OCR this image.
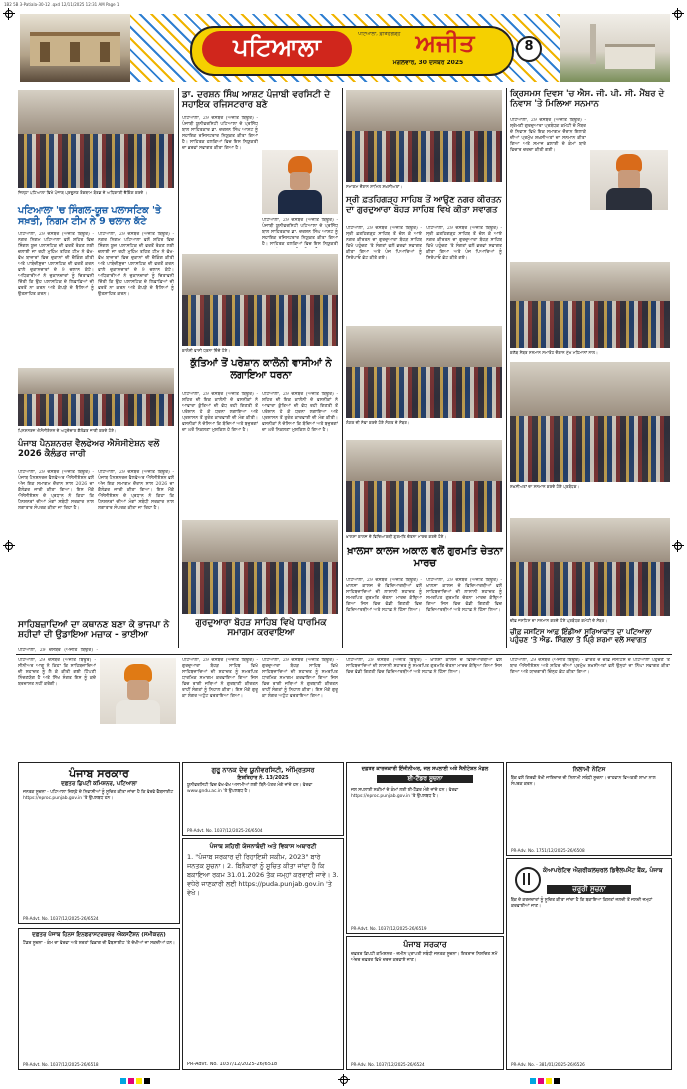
1B2 5B 3-Patiala-30-12 .qxd 12/11/2025 12:31 AM Page 1
ਪਟਿਆਲਾ	ਪਟਿਆਲਾ, ਫ਼ਤਿਹਗੜ੍ਹ ਅਜੀਤ
ਮੰਗਲਵਾਰ, 30 ਦਸੰਬਰ 2025
8
ਜ਼ਿਲ੍ਹਾ ਪਟਿਆਲਾ ਵਿਖੇ ਪੰਜਾਬ ਪ੍ਰਦੂਸ਼ਣ ਰੋਕਥਾਮ ਬੋਰਡ ਦੇ ਅਧਿਕਾਰੀ ਚੈਕਿੰਗ ਕਰਦੇ ।
ਪਟਿਆਲਾ 'ਚ ਸਿੰਗਲ-ਯੂਜ਼ ਪਲਾਸਟਿਕ 'ਤੇ ਸਖ਼ਤੀ, ਨਿਗਮ ਟੀਮ ਨੇ 9 ਚਲਾਨ ਕੱਟੇ
ਪਟਿਆਲਾ, 29 ਦਸੰਬਰ (ਅਜੀਤ ਬਿਊਰੋ) - ਨਗਰ ਨਿਗਮ ਪਟਿਆਲਾ ਵਲੋਂ ਸ਼ਹਿਰ ਵਿਚ ਸਿੰਗਲ ਯੂਜ਼ ਪਲਾਸਟਿਕ ਦੀ ਵਰਤੋਂ ਰੋਕਣ ਲਈ ਚਲਾਈ ਜਾ ਰਹੀ ਮੁਹਿੰਮ ਤਹਿਤ ਟੀਮ ਨੇ ਵੱਖ-ਵੱਖ ਬਾਜ਼ਾਰਾਂ ਵਿਚ ਦੁਕਾਨਾਂ ਦੀ ਚੈਕਿੰਗ ਕੀਤੀ ਅਤੇ ਪਾਬੰਦੀਸ਼ੁਦਾ ਪਲਾਸਟਿਕ ਦੀ ਵਰਤੋਂ ਕਰਨ ਵਾਲੇ ਦੁਕਾਨਦਾਰਾਂ ਦੇ 9 ਚਲਾਨ ਕੱਟੇ। ਅਧਿਕਾਰੀਆਂ ਨੇ ਦੁਕਾਨਦਾਰਾਂ ਨੂੰ ਚਿਤਾਵਨੀ ਦਿੱਤੀ ਕਿ ਉਹ ਪਲਾਸਟਿਕ ਦੇ ਲਿਫ਼ਾਫ਼ਿਆਂ ਦੀ ਵਰਤੋਂ ਨਾ ਕਰਨ ਅਤੇ ਕੱਪੜੇ ਦੇ ਥੈਲਿਆਂ ਨੂੰ ਉਤਸ਼ਾਹਿਤ ਕਰਨ।
ਪਟਿਆਲਾ, 29 ਦਸੰਬਰ (ਅਜੀਤ ਬਿਊਰੋ) - ਨਗਰ ਨਿਗਮ ਪਟਿਆਲਾ ਵਲੋਂ ਸ਼ਹਿਰ ਵਿਚ ਸਿੰਗਲ ਯੂਜ਼ ਪਲਾਸਟਿਕ ਦੀ ਵਰਤੋਂ ਰੋਕਣ ਲਈ ਚਲਾਈ ਜਾ ਰਹੀ ਮੁਹਿੰਮ ਤਹਿਤ ਟੀਮ ਨੇ ਵੱਖ-ਵੱਖ ਬਾਜ਼ਾਰਾਂ ਵਿਚ ਦੁਕਾਨਾਂ ਦੀ ਚੈਕਿੰਗ ਕੀਤੀ ਅਤੇ ਪਾਬੰਦੀਸ਼ੁਦਾ ਪਲਾਸਟਿਕ ਦੀ ਵਰਤੋਂ ਕਰਨ ਵਾਲੇ ਦੁਕਾਨਦਾਰਾਂ ਦੇ 9 ਚਲਾਨ ਕੱਟੇ। ਅਧਿਕਾਰੀਆਂ ਨੇ ਦੁਕਾਨਦਾਰਾਂ ਨੂੰ ਚਿਤਾਵਨੀ ਦਿੱਤੀ ਕਿ ਉਹ ਪਲਾਸਟਿਕ ਦੇ ਲਿਫ਼ਾਫ਼ਿਆਂ ਦੀ ਵਰਤੋਂ ਨਾ ਕਰਨ ਅਤੇ ਕੱਪੜੇ ਦੇ ਥੈਲਿਆਂ ਨੂੰ ਉਤਸ਼ਾਹਿਤ ਕਰਨ।
ਪਿਨਸ਼ਨਰਜ਼ ਐਸੋਸੀਏਸ਼ਨ ਦੇ ਅਹੁਦੇਦਾਰ ਕੈਲੰਡਰ ਜਾਰੀ ਕਰਦੇ ਹੋਏ।
ਪੰਜਾਬ ਪੈਨਸ਼ਨਰਜ਼ ਵੈਲਫੇਅਰ ਐਸੋਸੀਏਸ਼ਨ ਵਲੋਂ 2026 ਕੈਲੰਡਰ ਜਾਰੀ
ਪਟਿਆਲਾ, 29 ਦਸੰਬਰ (ਅਜੀਤ ਬਿਊਰੋ) - ਪੰਜਾਬ ਪੈਨਸ਼ਨਰਜ਼ ਵੈਲਫੇਅਰ ਐਸੋਸੀਏਸ਼ਨ ਵਲੋਂ ਅੱਜ ਇਕ ਸਮਾਗਮ ਦੌਰਾਨ ਸਾਲ 2026 ਦਾ ਕੈਲੰਡਰ ਜਾਰੀ ਕੀਤਾ ਗਿਆ। ਇਸ ਮੌਕੇ ਐਸੋਸੀਏਸ਼ਨ ਦੇ ਪ੍ਰਧਾਨ ਨੇ ਕਿਹਾ ਕਿ ਪੈਨਸ਼ਨਰਾਂ ਦੀਆਂ ਮੰਗਾਂ ਸਬੰਧੀ ਸਰਕਾਰ ਨਾਲ ਲਗਾਤਾਰ ਸੰਪਰਕ ਕੀਤਾ ਜਾ ਰਿਹਾ ਹੈ।
ਪਟਿਆਲਾ, 29 ਦਸੰਬਰ (ਅਜੀਤ ਬਿਊਰੋ) - ਪੰਜਾਬ ਪੈਨਸ਼ਨਰਜ਼ ਵੈਲਫੇਅਰ ਐਸੋਸੀਏਸ਼ਨ ਵਲੋਂ ਅੱਜ ਇਕ ਸਮਾਗਮ ਦੌਰਾਨ ਸਾਲ 2026 ਦਾ ਕੈਲੰਡਰ ਜਾਰੀ ਕੀਤਾ ਗਿਆ। ਇਸ ਮੌਕੇ ਐਸੋਸੀਏਸ਼ਨ ਦੇ ਪ੍ਰਧਾਨ ਨੇ ਕਿਹਾ ਕਿ ਪੈਨਸ਼ਨਰਾਂ ਦੀਆਂ ਮੰਗਾਂ ਸਬੰਧੀ ਸਰਕਾਰ ਨਾਲ ਲਗਾਤਾਰ ਸੰਪਰਕ ਕੀਤਾ ਜਾ ਰਿਹਾ ਹੈ।
ਸਾਹਿਬਜ਼ਾਦਿਆਂ ਦਾ ਕਥਾਨਣ ਬਣਾ ਕੇ ਭਾਜਪਾ ਨੇ ਸ਼ਹੀਦਾਂ ਦੀ ਉਡਾਇਆ ਮਜ਼ਾਕ - ਭਾਈਆ
ਪਟਿਆਲਾ, 29 ਦਸੰਬਰ (ਅਜੀਤ ਬਿਊਰੋ) -
ਡਾ. ਦਰਸ਼ਨ ਸਿੰਘ ਆਸ਼ਟ ਪੰਜਾਬੀ ਵਰਸਿਟੀ ਦੇ ਸਹਾਇਕ ਰਜਿਸਟਰਾਰ ਬਣੇ
ਪਟਿਆਲਾ, 29 ਦਸੰਬਰ (ਅਜੀਤ ਬਿਊਰੋ) - ਪੰਜਾਬੀ ਯੂਨੀਵਰਸਿਟੀ ਪਟਿਆਲਾ ਦੇ ਪ੍ਰਸਿੱਧ ਬਾਲ ਸਾਹਿਤਕਾਰ ਡਾ. ਦਰਸ਼ਨ ਸਿੰਘ ਆਸ਼ਟ ਨੂੰ ਸਹਾਇਕ ਰਜਿਸਟਰਾਰ ਨਿਯੁਕਤ ਕੀਤਾ ਗਿਆ ਹੈ। ਸਾਹਿਤਕ ਹਲਕਿਆਂ ਵਿਚ ਇਸ ਨਿਯੁਕਤੀ ਦਾ ਭਰਵਾਂ ਸਵਾਗਤ ਕੀਤਾ ਗਿਆ ਹੈ।
ਪਟਿਆਲਾ, 29 ਦਸੰਬਰ (ਅਜੀਤ ਬਿਊਰੋ) - ਪੰਜਾਬੀ ਯੂਨੀਵਰਸਿਟੀ ਪਟਿਆਲਾ ਦੇ ਪ੍ਰਸਿੱਧ ਬਾਲ ਸਾਹਿਤਕਾਰ ਡਾ. ਦਰਸ਼ਨ ਸਿੰਘ ਆਸ਼ਟ ਨੂੰ ਸਹਾਇਕ ਰਜਿਸਟਰਾਰ ਨਿਯੁਕਤ ਕੀਤਾ ਗਿਆ ਹੈ। ਸਾਹਿਤਕ ਹਲਕਿਆਂ ਵਿਚ ਇਸ ਨਿਯੁਕਤੀ
ਕਾਲੋਨੀ ਵਾਸੀ ਧਰਨਾ ਦਿੰਦੇ ਹੋਏ।
ਕੁੱਤਿਆਂ ਤੋਂ ਪਰੇਸ਼ਾਨ ਕਾਲੋਨੀ ਵਾਸੀਆਂ ਨੇ ਲਗਾਇਆ ਧਰਨਾ
ਪਟਿਆਲਾ, 29 ਦਸੰਬਰ (ਅਜੀਤ ਬਿਊਰੋ) - ਸ਼ਹਿਰ ਦੀ ਇਕ ਕਾਲੋਨੀ ਦੇ ਵਸਨੀਕਾਂ ਨੇ ਆਵਾਰਾ ਕੁੱਤਿਆਂ ਦੀ ਵੱਧ ਰਹੀ ਗਿਣਤੀ ਤੋਂ ਪਰੇਸ਼ਾਨ ਹੋ ਕੇ ਧਰਨਾ ਲਗਾਇਆ ਅਤੇ ਪ੍ਰਸ਼ਾਸਨ ਤੋਂ ਤੁਰੰਤ ਕਾਰਵਾਈ ਦੀ ਮੰਗ ਕੀਤੀ। ਵਸਨੀਕਾਂ ਨੇ ਦੱਸਿਆ ਕਿ ਬੱਚਿਆਂ ਅਤੇ ਬਜ਼ੁਰਗਾਂ ਦਾ ਘਰੋਂ ਨਿਕਲਣਾ ਮੁਸ਼ਕਿਲ ਹੋ ਗਿਆ ਹੈ।
ਪਟਿਆਲਾ, 29 ਦਸੰਬਰ (ਅਜੀਤ ਬਿਊਰੋ) - ਸ਼ਹਿਰ ਦੀ ਇਕ ਕਾਲੋਨੀ ਦੇ ਵਸਨੀਕਾਂ ਨੇ ਆਵਾਰਾ ਕੁੱਤਿਆਂ ਦੀ ਵੱਧ ਰਹੀ ਗਿਣਤੀ ਤੋਂ ਪਰੇਸ਼ਾਨ ਹੋ ਕੇ ਧਰਨਾ ਲਗਾਇਆ ਅਤੇ ਪ੍ਰਸ਼ਾਸਨ ਤੋਂ ਤੁਰੰਤ ਕਾਰਵਾਈ ਦੀ ਮੰਗ ਕੀਤੀ। ਵਸਨੀਕਾਂ ਨੇ ਦੱਸਿਆ ਕਿ ਬੱਚਿਆਂ ਅਤੇ ਬਜ਼ੁਰਗਾਂ ਦਾ ਘਰੋਂ ਨਿਕਲਣਾ ਮੁਸ਼ਕਿਲ ਹੋ ਗਿਆ ਹੈ।
ਗੁਰਦੁਆਰਾ ਬੋਹੜ ਸਾਹਿਬ ਵਿਖੇ ਧਾਰਮਿਕ ਸਮਾਗਮ ਕਰਵਾਇਆ
ਸਮਾਗਮ ਦੌਰਾਨ ਸ਼ਾਮਿਲ ਸ਼ਖ਼ਸੀਅਤਾਂ।
ਸ੍ਰੀ ਫ਼ਤਹਿਗੜ੍ਹ ਸਾਹਿਬ ਤੋਂ ਆਉਣ ਨਗਰ ਕੀਰਤਨ ਦਾ ਗੁਰਦੁਆਰਾ ਬੋਹੜ ਸਾਹਿਬ ਵਿਖੇ ਕੀਤਾ ਸਵਾਗਤ
ਪਟਿਆਲਾ, 29 ਦਸੰਬਰ (ਅਜੀਤ ਬਿਊਰੋ) - ਸ੍ਰੀ ਫ਼ਤਹਿਗੜ੍ਹ ਸਾਹਿਬ ਤੋਂ ਚੱਲ ਕੇ ਆਏ ਨਗਰ ਕੀਰਤਨ ਦਾ ਗੁਰਦੁਆਰਾ ਬੋਹੜ ਸਾਹਿਬ ਵਿਖੇ ਪਹੁੰਚਣ 'ਤੇ ਸੰਗਤਾਂ ਵਲੋਂ ਭਰਵਾਂ ਸਵਾਗਤ ਕੀਤਾ ਗਿਆ ਅਤੇ ਪੰਜ ਪਿਆਰਿਆਂ ਨੂੰ ਸਿਰੋਪਾਓ ਭੇਟ ਕੀਤੇ ਗਏ।
ਪਟਿਆਲਾ, 29 ਦਸੰਬਰ (ਅਜੀਤ ਬਿਊਰੋ) - ਸ੍ਰੀ ਫ਼ਤਹਿਗੜ੍ਹ ਸਾਹਿਬ ਤੋਂ ਚੱਲ ਕੇ ਆਏ ਨਗਰ ਕੀਰਤਨ ਦਾ ਗੁਰਦੁਆਰਾ ਬੋਹੜ ਸਾਹਿਬ ਵਿਖੇ ਪਹੁੰਚਣ 'ਤੇ ਸੰਗਤਾਂ ਵਲੋਂ ਭਰਵਾਂ ਸਵਾਗਤ ਕੀਤਾ ਗਿਆ ਅਤੇ ਪੰਜ ਪਿਆਰਿਆਂ ਨੂੰ ਸਿਰੋਪਾਓ ਭੇਟ ਕੀਤੇ ਗਏ।
ਲੰਗਰ ਦੀ ਸੇਵਾ ਕਰਦੇ ਹੋਏ ਸੰਗਤ ਦੇ ਮੈਂਬਰ।
ਖ਼ਾਲਸਾ ਕਾਲਜ ਦੇ ਵਿਦਿਆਰਥੀ ਗੁਰਮਤਿ ਚੇਤਨਾ ਮਾਰਚ ਕਰਦੇ ਹੋਏ।
ਖ਼ਾਲਸਾ ਕਾਲਜ ਅਕਾਲ ਵਲੋਂ ਗੁਰਮਤਿ ਚੇਤਨਾ ਮਾਰਚ
ਪਟਿਆਲਾ, 29 ਦਸੰਬਰ (ਅਜੀਤ ਬਿਊਰੋ) - ਖ਼ਾਲਸਾ ਕਾਲਜ ਦੇ ਵਿਦਿਆਰਥੀਆਂ ਵਲੋਂ ਸਾਹਿਬਜ਼ਾਦਿਆਂ ਦੀ ਲਾਸਾਨੀ ਸ਼ਹਾਦਤ ਨੂੰ ਸਮਰਪਿਤ ਗੁਰਮਤਿ ਚੇਤਨਾ ਮਾਰਚ ਕੱਢਿਆ ਗਿਆ ਜਿਸ ਵਿਚ ਵੱਡੀ ਗਿਣਤੀ ਵਿਚ ਵਿਦਿਆਰਥੀਆਂ ਅਤੇ ਸਟਾਫ਼ ਨੇ ਹਿੱਸਾ ਲਿਆ।
ਪਟਿਆਲਾ, 29 ਦਸੰਬਰ (ਅਜੀਤ ਬਿਊਰੋ) - ਖ਼ਾਲਸਾ ਕਾਲਜ ਦੇ ਵਿਦਿਆਰਥੀਆਂ ਵਲੋਂ ਸਾਹਿਬਜ਼ਾਦਿਆਂ ਦੀ ਲਾਸਾਨੀ ਸ਼ਹਾਦਤ ਨੂੰ ਸਮਰਪਿਤ ਗੁਰਮਤਿ ਚੇਤਨਾ ਮਾਰਚ ਕੱਢਿਆ ਗਿਆ ਜਿਸ ਵਿਚ ਵੱਡੀ ਗਿਣਤੀ ਵਿਚ ਵਿਦਿਆਰਥੀਆਂ ਅਤੇ ਸਟਾਫ਼ ਨੇ ਹਿੱਸਾ ਲਿਆ।
ਕ੍ਰਿਸਮਸ ਦਿਵਸ 'ਚ ਐਸ. ਜੀ. ਪੀ. ਸੀ. ਮੈਂਬਰ ਦੇ ਨਿਵਾਸ 'ਤੇ ਮਿਲਿਆ ਸਨਮਾਨ
ਪਟਿਆਲਾ, 29 ਦਸੰਬਰ (ਅਜੀਤ ਬਿਊਰੋ) - ਸ਼੍ਰੋਮਣੀ ਗੁਰਦੁਆਰਾ ਪ੍ਰਬੰਧਕ ਕਮੇਟੀ ਦੇ ਮੈਂਬਰ ਦੇ ਨਿਵਾਸ ਵਿਖੇ ਇਕ ਸਮਾਗਮ ਦੌਰਾਨ ਇਲਾਕੇ ਦੀਆਂ ਪ੍ਰਮੁੱਖ ਸ਼ਖ਼ਸੀਅਤਾਂ ਦਾ ਸਨਮਾਨ ਕੀਤਾ ਗਿਆ ਅਤੇ ਸਮਾਜ ਭਲਾਈ ਦੇ ਕੰਮਾਂ ਬਾਰੇ ਵਿਚਾਰ ਚਰਚਾ ਕੀਤੀ ਗਈ।
ਕਲੱਬ ਮੈਂਬਰ ਸਨਮਾਨ ਸਮਾਰੋਹ ਦੌਰਾਨ ਮੁੱਖ ਮਹਿਮਾਨਾਂ ਨਾਲ।
ਸ਼ਖ਼ਸੀਅਤਾਂ ਦਾ ਸਨਮਾਨ ਕਰਦੇ ਹੋਏ ਪ੍ਰਬੰਧਕ।
ਚੀਫ਼ ਜਸਟਿਸ ਦਾ ਸਨਮਾਨ ਕਰਦੇ ਹੋਏ ਪ੍ਰਬੰਧਕ ਕਮੇਟੀ ਦੇ ਮੈਂਬਰ।
ਚੀਫ਼ ਜਸਟਿਸ ਆਫ਼ ਇੰਡੀਆ ਸੂਰਿਆਕਾਂਤ ਦਾ ਪਟਿਆਲਾ ਪਹੁੰਚਣ 'ਤੇ ਐਡ. ਸਿੰਗਲਾ ਤੇ ਪ੍ਰਿੰ ਸ਼ਰਮਾ ਵਲੋਂ ਸਵਾਗਤ
ਪਟਿਆਲਾ, 29 ਦਸੰਬਰ (ਅਜੀਤ ਬਿਊਰੋ) - ਸੀਨੀਅਰ ਆਗੂ ਨੇ ਕਿਹਾ ਕਿ ਸਾਹਿਬਜ਼ਾਦਿਆਂ ਦੀ ਸ਼ਹਾਦਤ ਨੂੰ ਲੈ ਕੇ ਕੀਤੀ ਗਈ ਟਿੱਪਣੀ ਨਿੰਦਣਯੋਗ ਹੈ ਅਤੇ ਸਿੱਖ ਸੰਗਤ ਇਸ ਨੂੰ ਕਦੇ ਬਰਦਾਸ਼ਤ ਨਹੀਂ ਕਰੇਗੀ।
ਪਟਿਆਲਾ, 29 ਦਸੰਬਰ (ਅਜੀਤ ਬਿਊਰੋ) - ਗੁਰਦੁਆਰਾ ਬੋਹੜ ਸਾਹਿਬ ਵਿਖੇ ਸਾਹਿਬਜ਼ਾਦਿਆਂ ਦੀ ਸ਼ਹਾਦਤ ਨੂੰ ਸਮਰਪਿਤ ਧਾਰਮਿਕ ਸਮਾਗਮ ਕਰਵਾਇਆ ਗਿਆ ਜਿਸ ਵਿਚ ਰਾਗੀ ਜਥਿਆਂ ਨੇ ਗੁਰਬਾਣੀ ਕੀਰਤਨ ਰਾਹੀਂ ਸੰਗਤਾਂ ਨੂੰ ਨਿਹਾਲ ਕੀਤਾ। ਇਸ ਮੌਕੇ ਗੁਰੂ ਕਾ ਲੰਗਰ ਅਟੁੱਟ ਵਰਤਾਇਆ ਗਿਆ।
ਪਟਿਆਲਾ, 29 ਦਸੰਬਰ (ਅਜੀਤ ਬਿਊਰੋ) - ਗੁਰਦੁਆਰਾ ਬੋਹੜ ਸਾਹਿਬ ਵਿਖੇ ਸਾਹਿਬਜ਼ਾਦਿਆਂ ਦੀ ਸ਼ਹਾਦਤ ਨੂੰ ਸਮਰਪਿਤ ਧਾਰਮਿਕ ਸਮਾਗਮ ਕਰਵਾਇਆ ਗਿਆ ਜਿਸ ਵਿਚ ਰਾਗੀ ਜਥਿਆਂ ਨੇ ਗੁਰਬਾਣੀ ਕੀਰਤਨ ਰਾਹੀਂ ਸੰਗਤਾਂ ਨੂੰ ਨਿਹਾਲ ਕੀਤਾ। ਇਸ ਮੌਕੇ ਗੁਰੂ ਕਾ ਲੰਗਰ ਅਟੁੱਟ ਵਰਤਾਇਆ ਗਿਆ।
ਪਟਿਆਲਾ, 29 ਦਸੰਬਰ (ਅਜੀਤ ਬਿਊਰੋ) - ਖ਼ਾਲਸਾ ਕਾਲਜ ਦੇ ਵਿਦਿਆਰਥੀਆਂ ਵਲੋਂ ਸਾਹਿਬਜ਼ਾਦਿਆਂ ਦੀ ਲਾਸਾਨੀ ਸ਼ਹਾਦਤ ਨੂੰ ਸਮਰਪਿਤ ਗੁਰਮਤਿ ਚੇਤਨਾ ਮਾਰਚ ਕੱਢਿਆ ਗਿਆ ਜਿਸ ਵਿਚ ਵੱਡੀ ਗਿਣਤੀ ਵਿਚ ਵਿਦਿਆਰਥੀਆਂ ਅਤੇ ਸਟਾਫ਼ ਨੇ ਹਿੱਸਾ ਲਿਆ।
ਪਟਿਆਲਾ, 29 ਦਸੰਬਰ (ਅਜੀਤ ਬਿਊਰੋ) - ਭਾਰਤ ਦੇ ਚੀਫ਼ ਜਸਟਿਸ ਦੇ ਪਟਿਆਲਾ ਪਹੁੰਚਣ 'ਤੇ ਬਾਰ ਐਸੋਸੀਏਸ਼ਨ ਅਤੇ ਸ਼ਹਿਰ ਦੀਆਂ ਪ੍ਰਮੁੱਖ ਸ਼ਖ਼ਸੀਅਤਾਂ ਵਲੋਂ ਉਨ੍ਹਾਂ ਦਾ ਨਿੱਘਾ ਸਵਾਗਤ ਕੀਤਾ ਗਿਆ ਅਤੇ ਯਾਦਗਾਰੀ ਚਿੰਨ੍ਹ ਭੇਟ ਕੀਤਾ ਗਿਆ।
ਪੰਜਾਬ ਸਰਕਾਰ
ਦਫ਼ਤਰ ਡਿਪਟੀ ਕਮਿਸ਼ਨਰ, ਪਟਿਆਲਾ
ਜਨਤਕ ਸੂਚਨਾ - ਪਟਿਆਲਾ ਜ਼ਿਲ੍ਹੇ ਦੇ ਨਿਵਾਸੀਆਂ ਨੂੰ ਸੂਚਿਤ ਕੀਤਾ ਜਾਂਦਾ ਹੈ ਕਿ ਵੇਰਵੇ ਵੈੱਬਸਾਈਟ https://eproc.punjab.gov.in 'ਤੇ ਉਪਲਬਧ ਹਨ।
PR-Advt. No. 1037/12/2025-26/6524
ਦਫ਼ਤਰ ਪੰਜਾਬ ਹਿਨਜ ਇਨਫਰਾਸਟਰਕਚਰ ਐਕਸਟੈਂਸ਼ਨ (ਸਮੀਕਰਨ)
ਟੈਂਡਰ ਸੂਚਨਾ - ਕੰਮ ਦਾ ਵੇਰਵਾ ਅਤੇ ਸ਼ਰਤਾਂ ਵਿਭਾਗ ਦੀ ਵੈੱਬਸਾਈਟ 'ਤੇ ਦੇਖੀਆਂ ਜਾ ਸਕਦੀਆਂ ਹਨ।
PR-Advt. No. 1037/12/2025-26/6518
ਗੁਰੂ ਨਾਨਕ ਦੇਵ ਯੂਨੀਵਰਸਿਟੀ, ਅੰਮ੍ਰਿਤਸਰ
ਇਸ਼ਤਿਹਾਰ ਨੰ. 13/2025
ਯੂਨੀਵਰਸਿਟੀ ਵਿਚ ਵੱਖ-ਵੱਖ ਅਸਾਮੀਆਂ ਲਈ ਬਿਨੈ-ਪੱਤਰ ਮੰਗੇ ਜਾਂਦੇ ਹਨ। ਵੇਰਵਾ www.gndu.ac.in 'ਤੇ ਉਪਲਬਧ ਹੈ।
PR-Advt. No. 1037/12/2025-26/6504
ਪੰਜਾਬ ਸ਼ਹਿਰੀ ਯੋਜਨਾਬੰਦੀ ਅਤੇ ਵਿਕਾਸ ਅਥਾਰਟੀ
1. "ਪੰਜਾਬ ਸਰਕਾਰ ਦੀ ਰਿਹਾਇਸ਼ੀ ਸਕੀਮ, 2023" ਬਾਰੇ ਜਨਤਕ ਸੂਚਨਾ। 2. ਬਿਨੈਕਾਰਾਂ ਨੂੰ ਸੂਚਿਤ ਕੀਤਾ ਜਾਂਦਾ ਹੈ ਕਿ ਬਕਾਇਆ ਰਕਮ 31.01.2026 ਤੱਕ ਜਮ੍ਹਾਂ ਕਰਵਾਈ ਜਾਵੇ। 3. ਵਧੇਰੇ ਜਾਣਕਾਰੀ ਲਈ https://puda.punjab.gov.in 'ਤੇ ਵੇਖੋ।
PR-Advt. No. 1037/12/2025-26/6518
ਦਫ਼ਤਰ ਕਾਰਜਕਾਰੀ ਇੰਜੀਨੀਅਰ, ਜਲ ਸਪਲਾਈ ਅਤੇ ਸੈਨੀਟੇਸ਼ਨ ਮੰਡਲ
ਈ-ਟੈਂਡਰ ਸੂਚਨਾ
ਜਲ ਸਪਲਾਈ ਸਕੀਮਾਂ ਦੇ ਕੰਮਾਂ ਲਈ ਈ-ਟੈਂਡਰ ਮੰਗੇ ਜਾਂਦੇ ਹਨ। ਵੇਰਵਾ https://eproc.punjab.gov.in 'ਤੇ ਉਪਲਬਧ ਹੈ।
PR-Advt. No. 1037/12/2025-26/6519
ਪੰਜਾਬ ਸਰਕਾਰ
ਦਫ਼ਤਰ ਡਿਪਟੀ ਕਮਿਸ਼ਨਰ - ਜ਼ਮੀਨ ਪ੍ਰਾਪਤੀ ਸਬੰਧੀ ਜਨਤਕ ਸੂਚਨਾ। ਇਤਰਾਜ਼ ਨਿਸ਼ਚਿਤ ਸਮੇਂ ਅੰਦਰ ਦਫ਼ਤਰ ਵਿਖੇ ਦਰਜ ਕਰਵਾਏ ਜਾਣ।
PR-Adv. No. 1037/12/2025-26/6524
ਨਿਲਾਮੀ ਨੋਟਿਸ
ਬੈਂਕ ਵਲੋਂ ਗਿਰਵੀ ਰੱਖੀ ਜਾਇਦਾਦ ਦੀ ਨਿਲਾਮੀ ਸਬੰਧੀ ਸੂਚਨਾ। ਚਾਹਵਾਨ ਵਿਅਕਤੀ ਸ਼ਾਖਾ ਨਾਲ ਸੰਪਰਕ ਕਰਨ।
PR-Adv. No. 1751/12/2025-26/6508
ਕੋਆਪਰੇਟਿਵ ਐਗਰੀਕਲਚਰਲ ਡਿਵੈਲਪਮੈਂਟ ਬੈਂਕ, ਪੰਜਾਬ
ਜ਼ਰੂਰੀ ਸੂਚਨਾ
ਬੈਂਕ ਦੇ ਕਰਜ਼ਦਾਰਾਂ ਨੂੰ ਸੂਚਿਤ ਕੀਤਾ ਜਾਂਦਾ ਹੈ ਕਿ ਬਕਾਇਆ ਕਿਸ਼ਤਾਂ ਜਲਦੀ ਤੋਂ ਜਲਦੀ ਜਮ੍ਹਾਂ ਕਰਵਾਈਆਂ ਜਾਣ।
PR-Adv. No. - 381/01/2025-26/6526
